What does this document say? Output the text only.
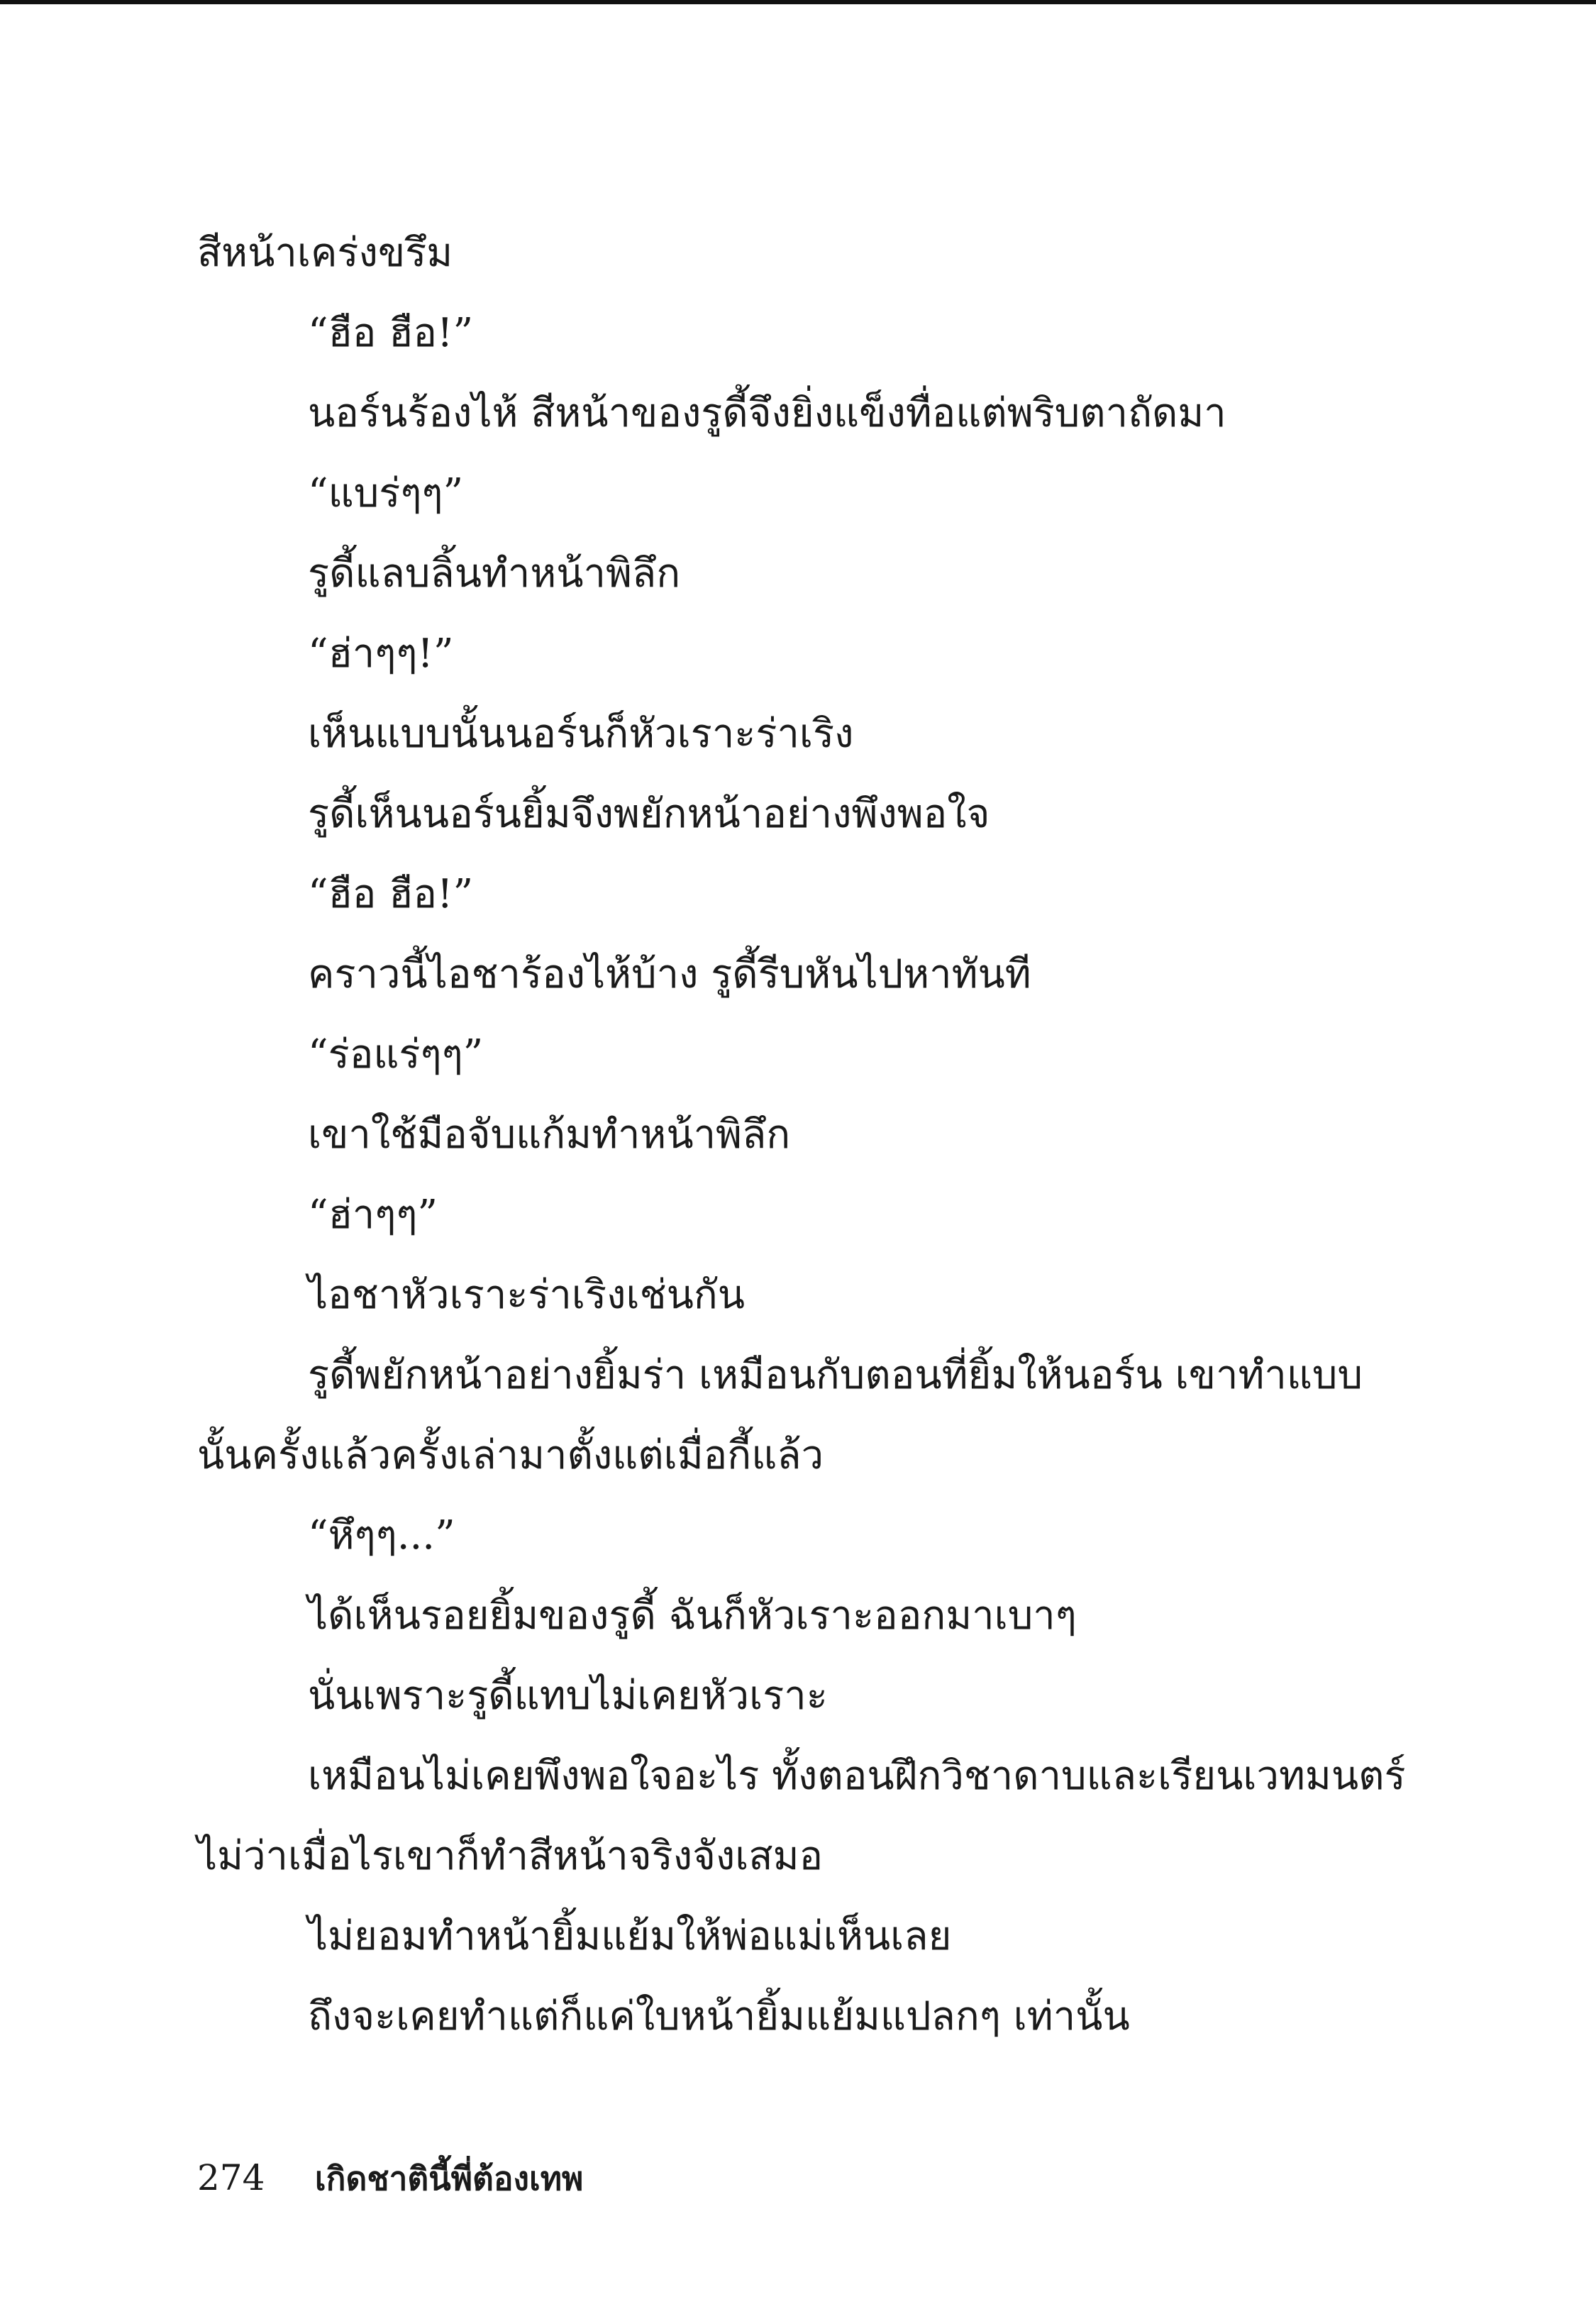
สีหน้าเคร่งขรึม
“ฮือ ฮือ!”
นอร์นร้องไห้ สีหน้าของรูดี้จึงยิ่งแข็งทื่อแต่พริบตาถัดมา
“แบร่ๆๆ”
รูดี้แลบลิ้นทำหน้าพิลึก
“ฮ่าๆๆ!”
เห็นแบบนั้นนอร์นก็หัวเราะร่าเริง
รูดี้เห็นนอร์นยิ้มจึงพยักหน้าอย่างพึงพอใจ
“ฮือ ฮือ!”
คราวนี้ไอชาร้องไห้บ้าง รูดี้รีบหันไปหาทันที
“ร่อแร่ๆๆ”
เขาใช้มือจับแก้มทำหน้าพิลึก
“ฮ่าๆๆ”
ไอชาหัวเราะร่าเริงเช่นกัน
รูดี้พยักหน้าอย่างยิ้มร่า เหมือนกับตอนที่ยิ้มให้นอร์น เขาทำแบบ
นั้นครั้งแล้วครั้งเล่ามาตั้งแต่เมื่อกี้แล้ว
“หึๆๆ...”
ได้เห็นรอยยิ้มของรูดี้ ฉันก็หัวเราะออกมาเบาๆ
นั่นเพราะรูดี้แทบไม่เคยหัวเราะ
เหมือนไม่เคยพึงพอใจอะไร ทั้งตอนฝึกวิชาดาบและเรียนเวทมนตร์
ไม่ว่าเมื่อไรเขาก็ทำสีหน้าจริงจังเสมอ
ไม่ยอมทำหน้ายิ้มแย้มให้พ่อแม่เห็นเลย
ถึงจะเคยทำแต่ก็แค่ใบหน้ายิ้มแย้มแปลกๆ เท่านั้น
274 เกิดชาตินี้พี่ต้องเทพ
